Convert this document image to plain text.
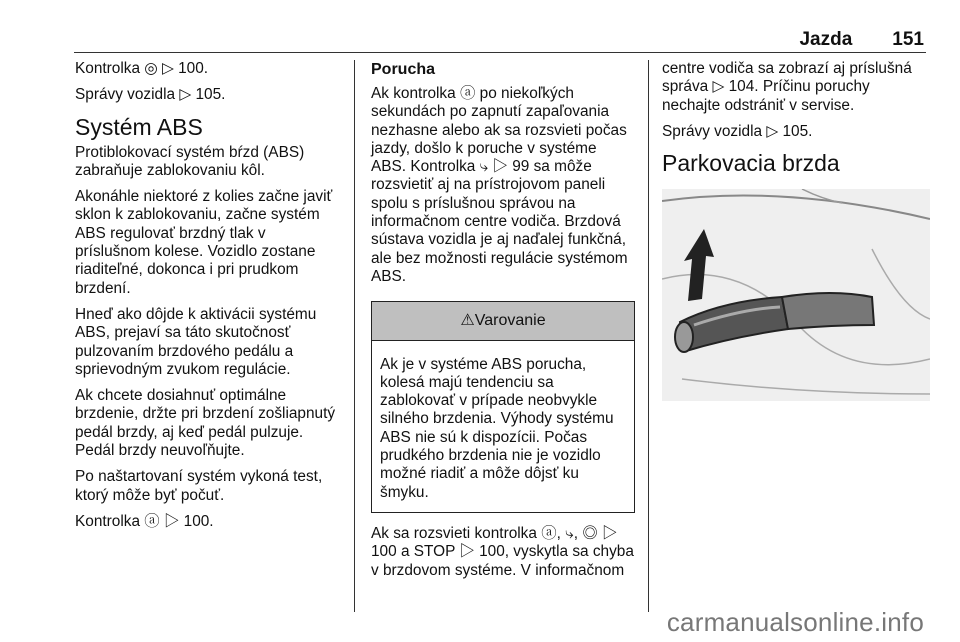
Jazda 151

Kontrolka ◎ ▷ 100.

Správy vozidla ▷ 105.

Systém ABS

Protiblokovací systém bŕzd (ABS) zabraňuje zablokovaniu kôl.

Akonáhle niektoré z kolies začne javiť sklon k zablokovaniu, začne systém ABS regulovať brzdný tlak v príslušnom kolese. Vozidlo zostane riaditeľné, dokonca i pri prudkom brzdení.

Hneď ako dôjde k aktivácii systému ABS, prejaví sa táto skutočnosť pulzovaním brzdového pedálu a sprievodným zvukom regulácie.

Ak chcete dosiahnuť optimálne brzdenie, držte pri brzdení zošliapnutý pedál brzdy, aj keď pedál pulzuje. Pedál brzdy neuvoľňujte.

Po naštartovaní systém vykoná test, ktorý môže byť počuť.

Kontrolka ⓐ ▷ 100.

Porucha

Ak kontrolka ⓐ po niekoľkých sekundách po zapnutí zapaľovania nezhasne alebo ak sa rozsvieti počas jazdy, došlo k poruche v systéme ABS. Kontrolka ⤷ ▷ 99 sa môže rozsvietiť aj na prístrojovom paneli spolu s príslušnou správou na informačnom centre vodiča. Brzdová sústava vozidla je aj naďalej funkčná, ale bez možnosti regulácie systémom ABS.

⚠Varovanie
Ak je v systéme ABS porucha, kolesá majú tendenciu sa zablokovať v prípade neobvykle silného brzdenia. Výhody systému ABS nie sú k dispozícii. Počas prudkého brzdenia nie je vozidlo možné riadiť a môže dôjsť ku šmyku.

Ak sa rozsvieti kontrolka ⓐ, ⤷, ◎ ▷ 100 a STOP ▷ 100, vyskytla sa chyba v brzdovom systéme. V informačnom

centre vodiča sa zobrazí aj príslušná správa ▷ 104. Príčinu poruchy nechajte odstrániť v servise.

Správy vozidla ▷ 105.

Parkovacia brzda
carmanualsonline.info
